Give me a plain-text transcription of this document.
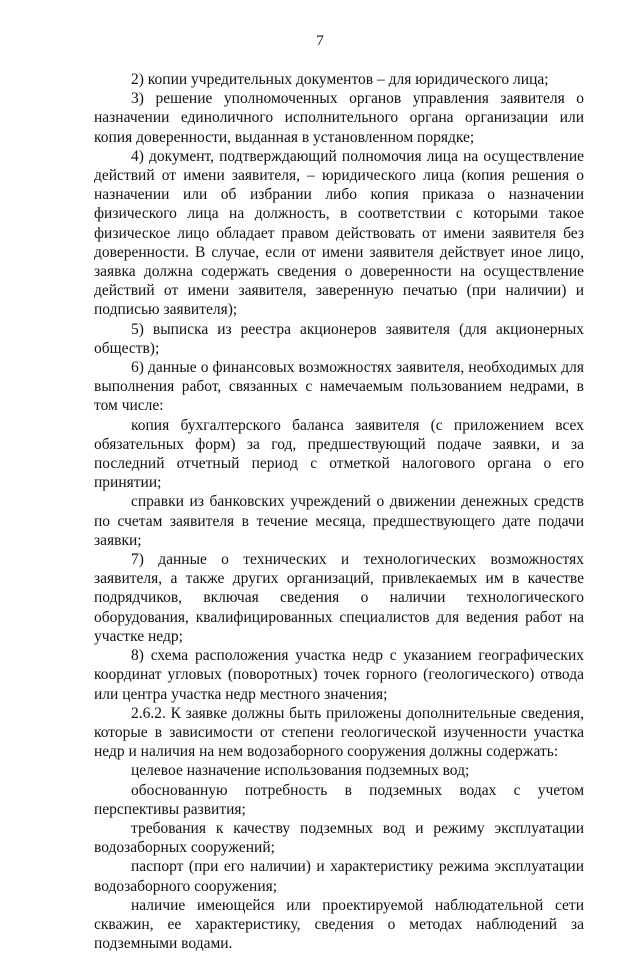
7

2) копии учредительных документов – для юридического лица;

3) решение уполномоченных органов управления заявителя о назначении единоличного исполнительного органа организации или копия доверенности, выданная в установленном порядке;

4) документ, подтверждающий полномочия лица на осуществление действий от имени заявителя, – юридического лица (копия решения о назначении или об избрании либо копия приказа о назначении физического лица на должность, в соответствии с которыми такое физическое лицо обладает правом действовать от имени заявителя без доверенности. В случае, если от имени заявителя действует иное лицо, заявка должна содержать сведения о доверенности на осуществление действий от имени заявителя, заверенную печатью (при наличии) и подписью заявителя);

5) выписка из реестра акционеров заявителя (для акционерных обществ);

6) данные о финансовых возможностях заявителя, необходимых для выполнения работ, связанных с намечаемым пользованием недрами, в том числе:

копия бухгалтерского баланса заявителя (с приложением всех обязательных форм) за год, предшествующий подаче заявки, и за последний отчетный период с отметкой налогового органа о его принятии;

справки из банковских учреждений о движении денежных средств по счетам заявителя в течение месяца, предшествующего дате подачи заявки;

7) данные о технических и технологических возможностях заявителя, а также других организаций, привлекаемых им в качестве подрядчиков, включая сведения о наличии технологического оборудования, квалифицированных специалистов для ведения работ на участке недр;

8) схема расположения участка недр с указанием географических координат угловых (поворотных) точек горного (геологического) отвода или центра участка недр местного значения;

2.6.2. К заявке должны быть приложены дополнительные сведения, которые в зависимости от степени геологической изученности участка недр и наличия на нем водозаборного сооружения должны содержать:

целевое назначение использования подземных вод;

обоснованную потребность в подземных водах с учетом перспективы развития;

требования к качеству подземных вод и режиму эксплуатации водозаборных сооружений;

паспорт (при его наличии) и характеристику режима эксплуатации водозаборного сооружения;

наличие имеющейся или проектируемой наблюдательной сети скважин, ее характеристику, сведения о методах наблюдений за подземными водами.
